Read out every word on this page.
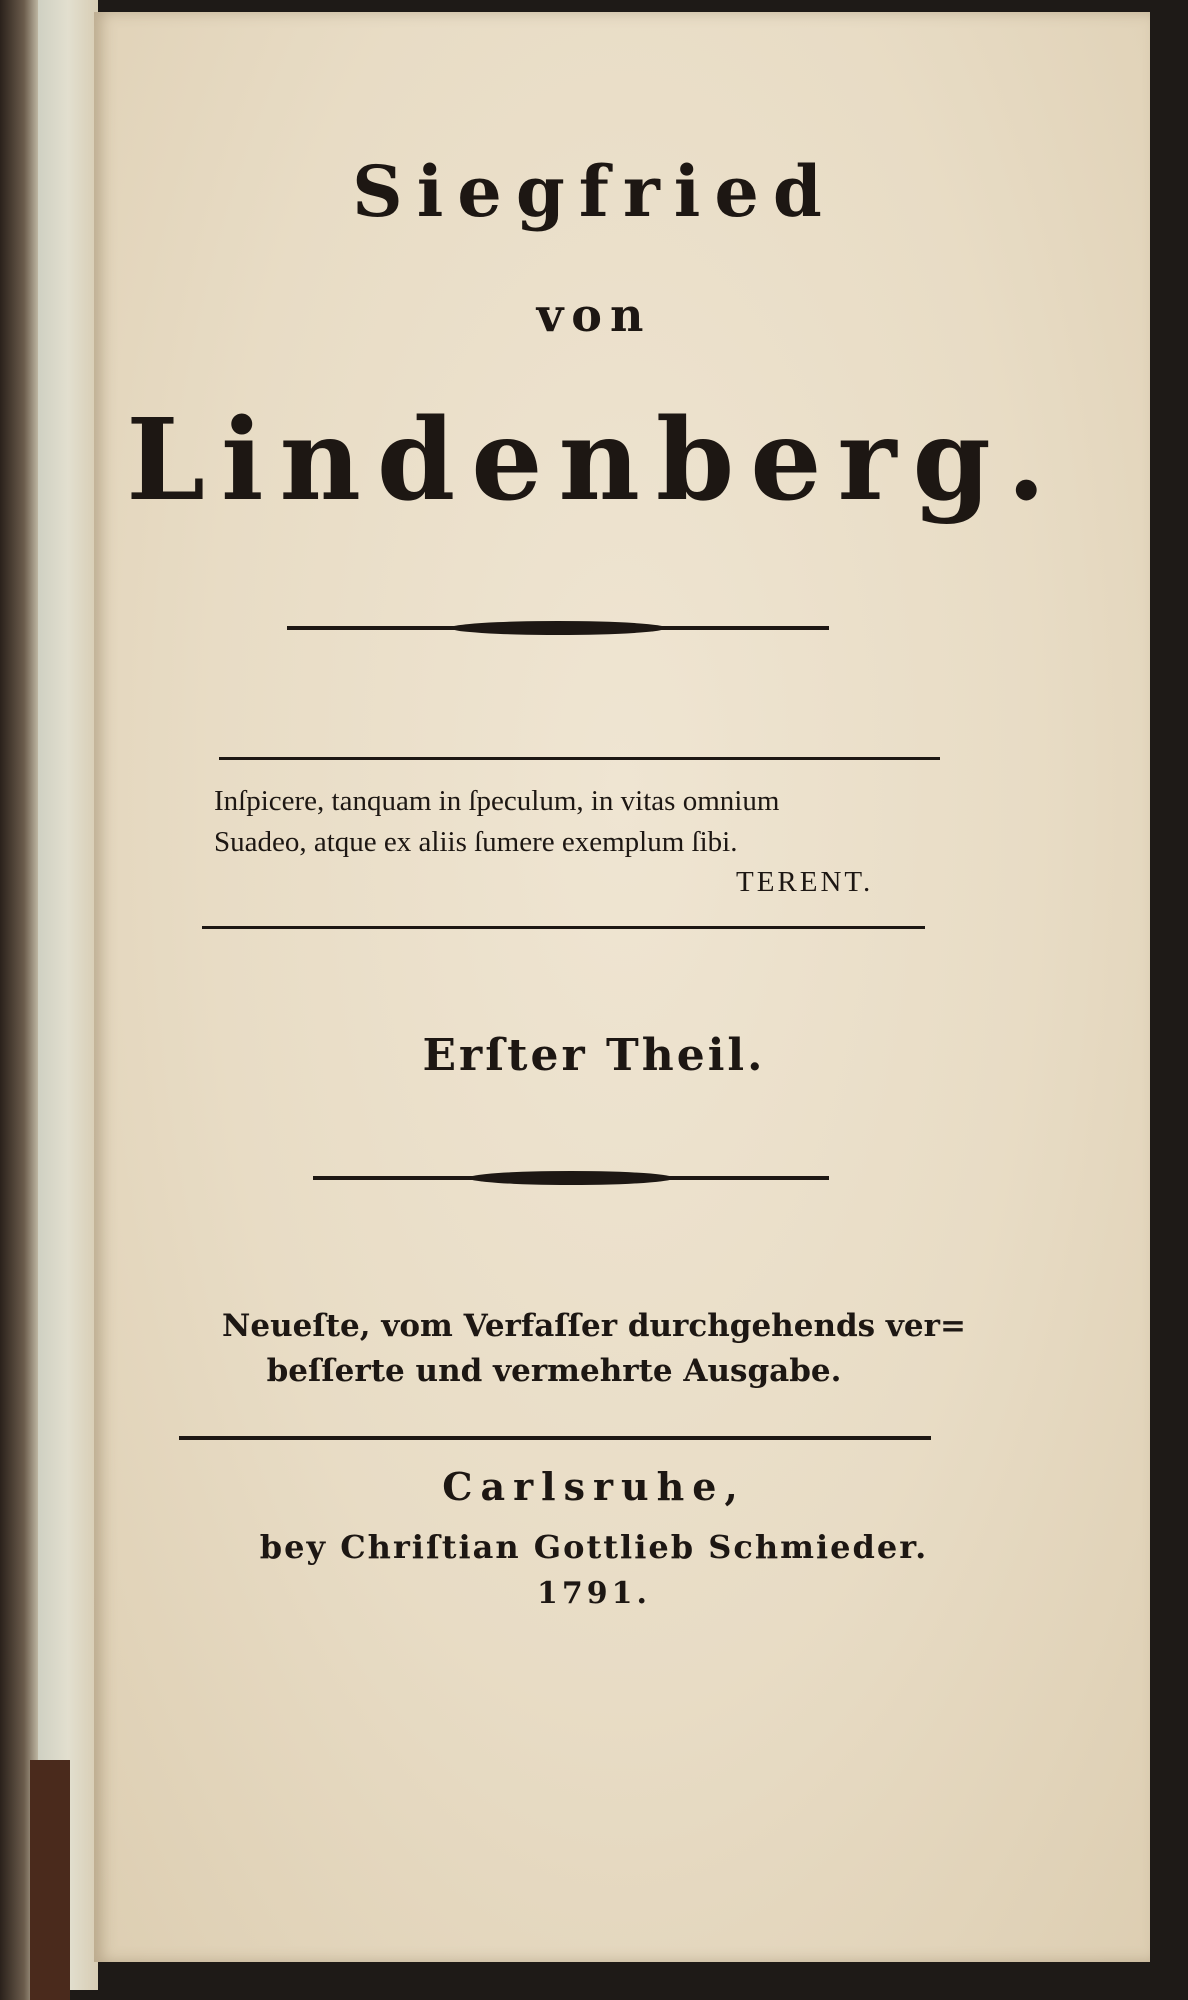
Siegfried
von
Lindenberg.
Inſpicere, tanquam in ſpeculum, in vitas omnium
Suadeo, atque ex aliis ſumere exemplum ſibi.
TERENT.
Erſter Theil.
Neueſte, vom Verfaſſer durchgehends ver=
beſſerte und vermehrte Ausgabe.
Carlsruhe,
bey Chriſtian Gottlieb Schmieder.
1791.
